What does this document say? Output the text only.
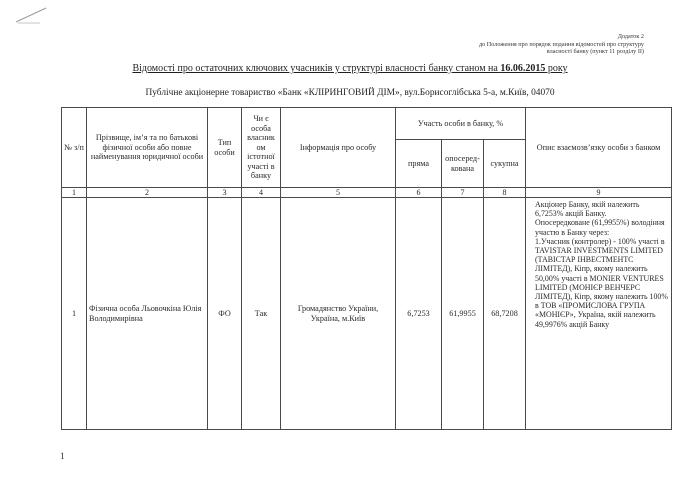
Додаток 2
до Положення про порядок подання відомостей про структуру
власності банку (пункт 11 розділу II)
Відомості про остаточних ключових учасників у структурі власності банку станом на 16.06.2015 року
Публічне акціонерне товариство «Банк «КЛІРИНГОВИЙ ДІМ», вул.Борисоглібська 5-а, м.Київ, 04070
№ з/п	Прізвище, ім’я та по батькові фізичної особи або повне найменування юридичної особи	Тип особи	Чи є особа власник ом істотної участі в банку	Інформація про особу	Участь особи в банку, %			Опис взаємозв’язку особи з банком
					пряма	опосеред-кована	сукупна	
1	2	3	4	5	6	7	8	9
1	Фізична особа Льовочкіна Юлія Володимирівна	ФО	Так	Громадянство України, Україна, м.Київ	6,7253	61,9955	68,7208	Акціонер Банку, якій належить 6,7253% акцій Банку.
Опосередковане (61,9955%) володіння участю в Банку через:
1.Учасник (контролер) - 100% участі в TAVISTAR INVESTMENTS LIMITED (ТАВІСТАР ІНВЕСТМЕНТС ЛІМІТЕД), Кіпр, якому належить 50,00% участі в MONIER VENTURES LIMITED (МОНІЄР ВЕНЧЕРС ЛІМІТЕД), Кіпр, якому належить 100% в ТОВ «ПРОМИСЛОВА ГРУПА «МОНІЄР», Україна, якій належить 49,9976% акцій Банку
1
